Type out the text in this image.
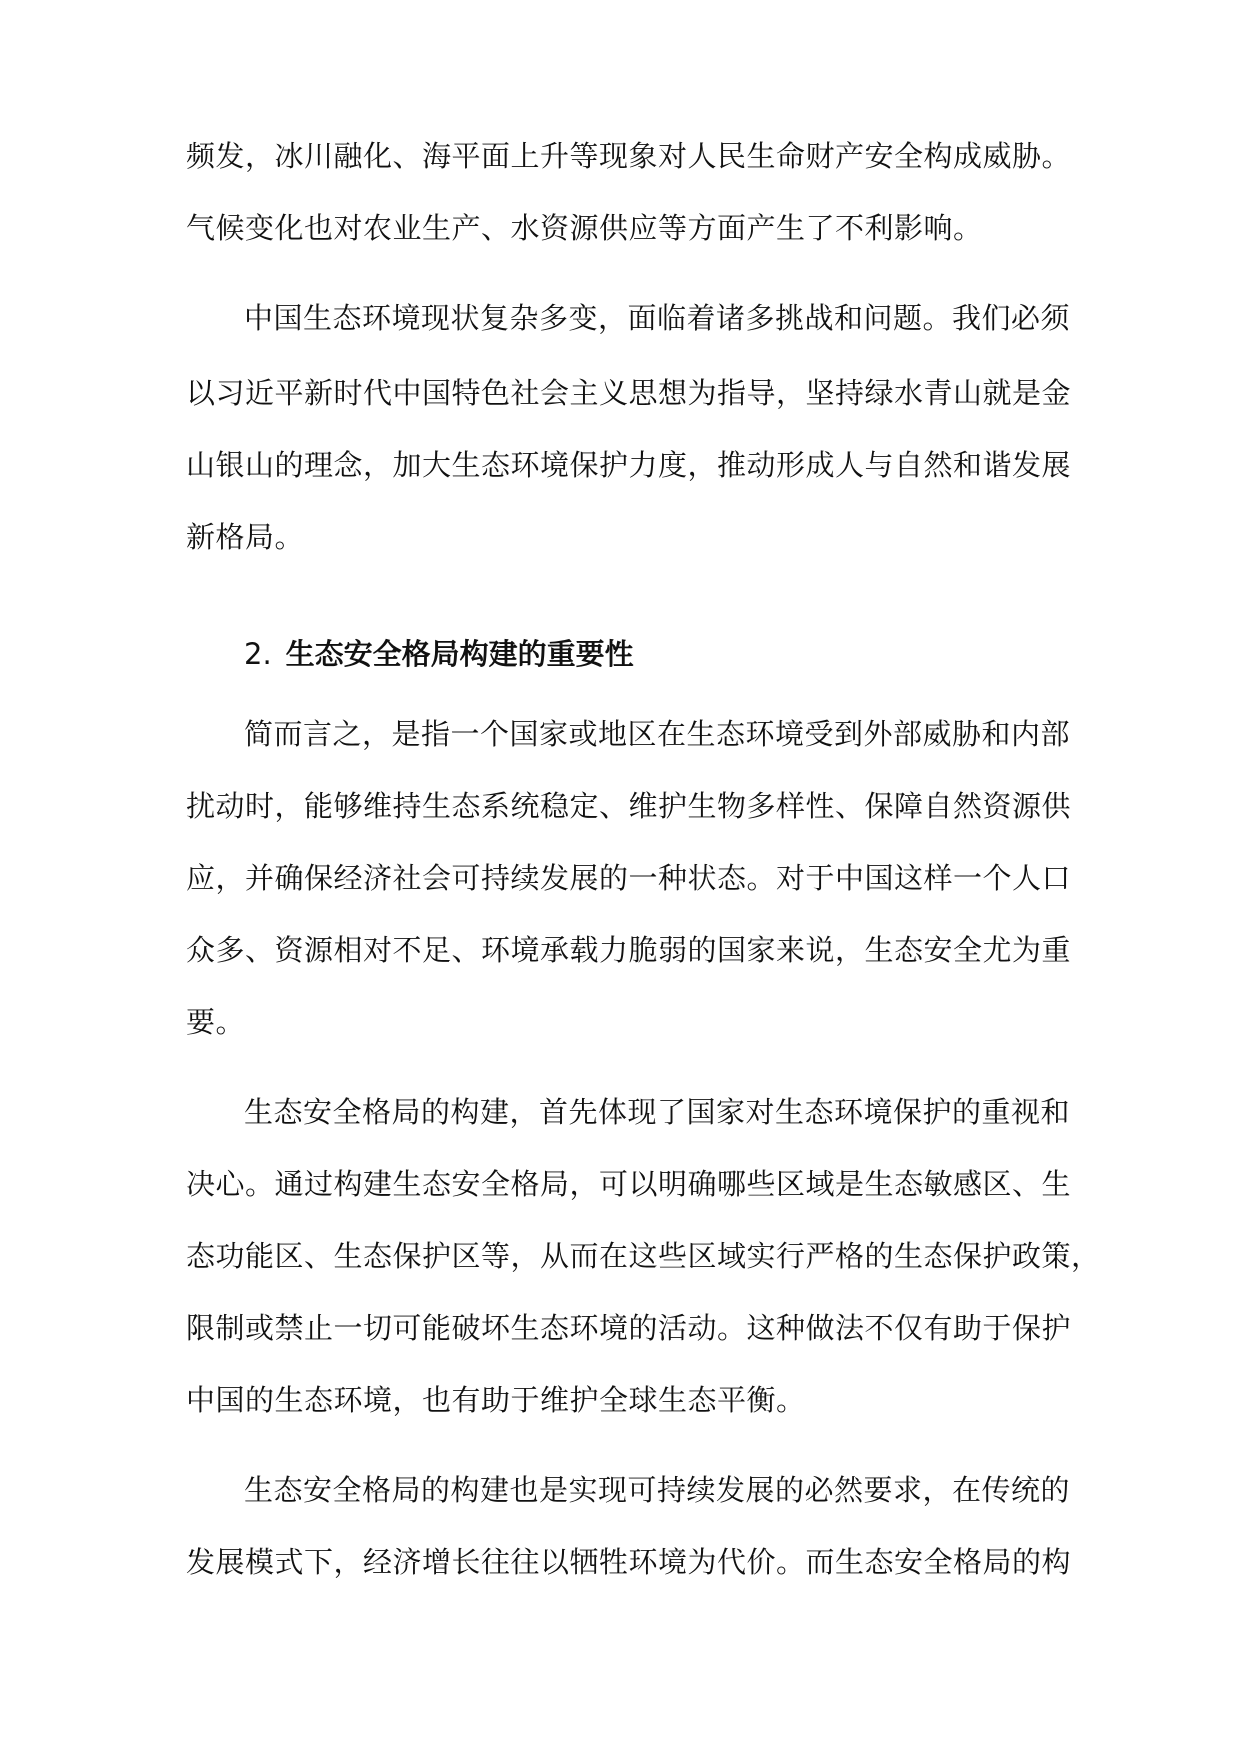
频发，冰川融化、海平面上升等现象对人民生命财产安全构成威胁。
气候变化也对农业生产、水资源供应等方面产生了不利影响。
中国生态环境现状复杂多变，面临着诸多挑战和问题。我们必须
以习近平新时代中国特色社会主义思想为指导，坚持绿水青山就是金
山银山的理念，加大生态环境保护力度，推动形成人与自然和谐发展
新格局。
2. 生态安全格局构建的重要性
简而言之，是指一个国家或地区在生态环境受到外部威胁和内部
扰动时，能够维持生态系统稳定、维护生物多样性、保障自然资源供
应，并确保经济社会可持续发展的一种状态。对于中国这样一个人口
众多、资源相对不足、环境承载力脆弱的国家来说，生态安全尤为重
要。
生态安全格局的构建，首先体现了国家对生态环境保护的重视和
决心。通过构建生态安全格局，可以明确哪些区域是生态敏感区、生
态功能区、生态保护区等，从而在这些区域实行严格的生态保护政策，
限制或禁止一切可能破坏生态环境的活动。这种做法不仅有助于保护
中国的生态环境，也有助于维护全球生态平衡。
生态安全格局的构建也是实现可持续发展的必然要求，在传统的
发展模式下，经济增长往往以牺牲环境为代价。而生态安全格局的构
